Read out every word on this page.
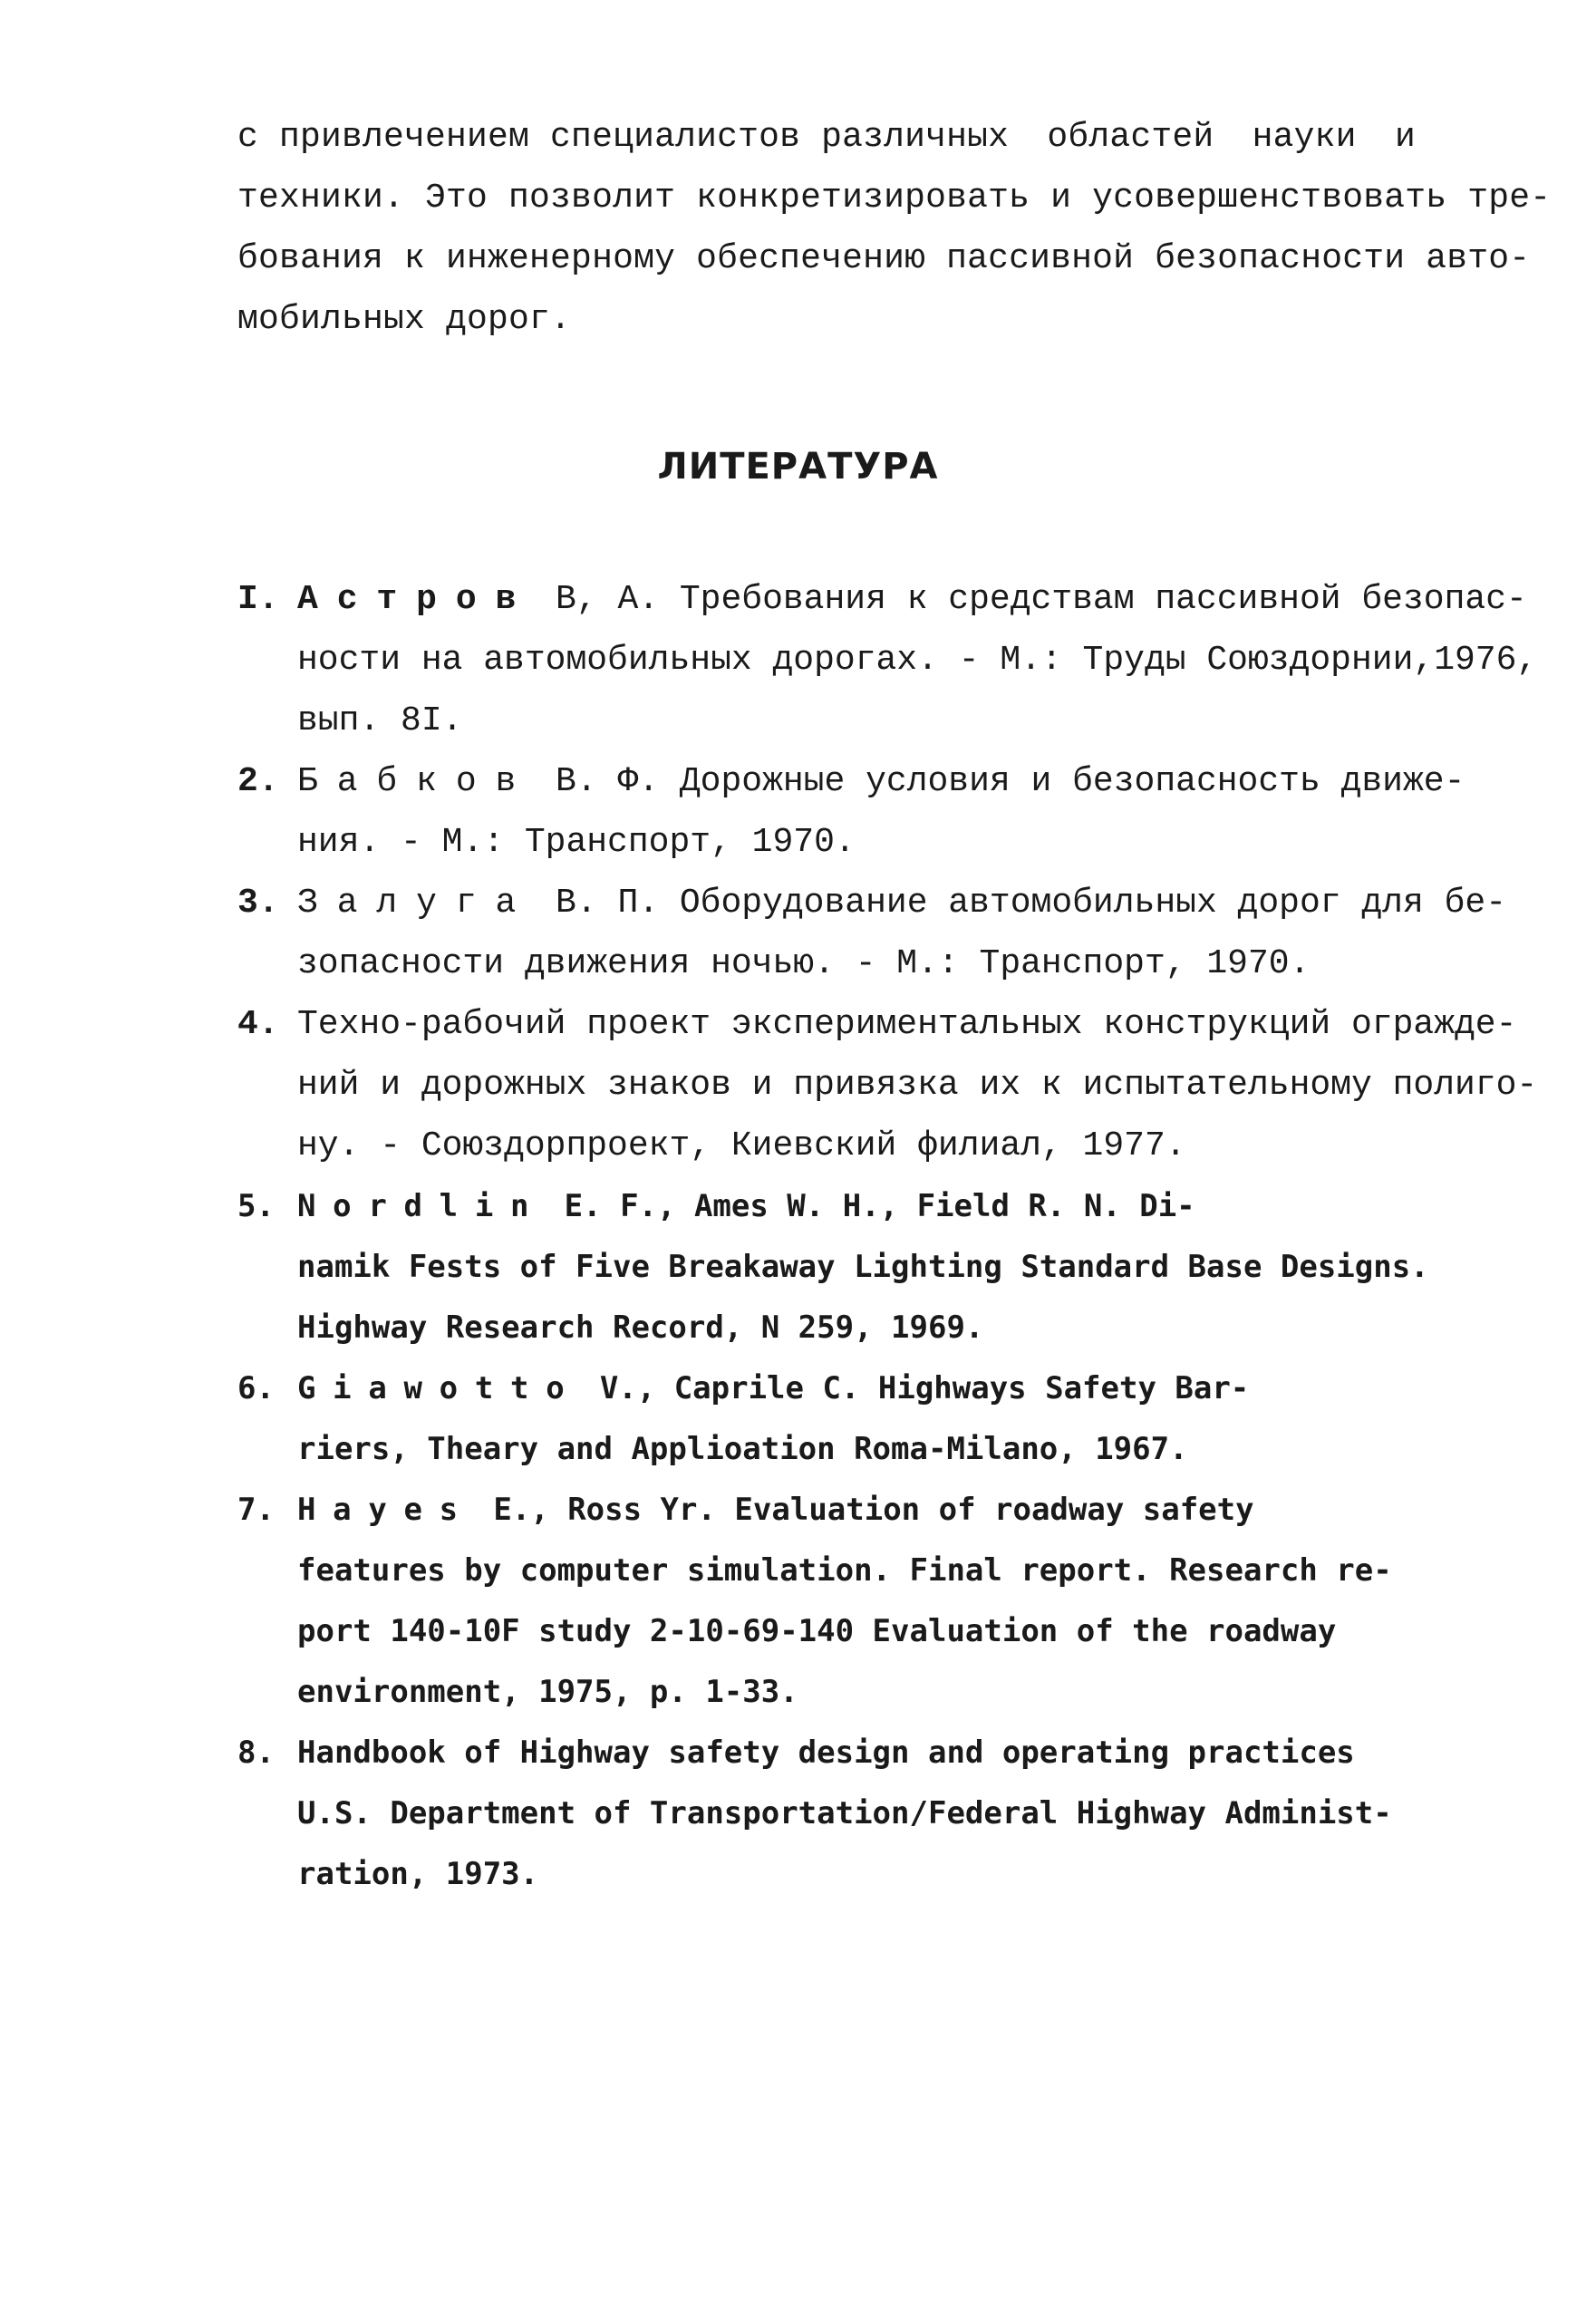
с привлечением специалистов различных областей науки и
техники. Это позволит конкретизировать и усовершенствовать тре-
бования к инженерному обеспечению пассивной безопасности авто-
мобильных дорог.
ЛИТЕРАТУРА
I. Астров В, А. Требования к средствам пассивной безопас-
ности на автомобильных дорогах. - М.: Труды Союздорнии,1976,
вып. 8I.
2. Бабков В. Ф. Дорожные условия и безопасность движе-
ния. - М.: Транспорт, 1970.
3. Залуга В. П. Оборудование автомобильных дорог для бе-
зопасности движения ночью. - М.: Транспорт, 1970.
4. Техно-рабочий проект экспериментальных конструкций огражде-
ний и дорожных знаков и привязка их к испытательному полиго-
ну. - Союздорпроект, Киевский филиал, 1977.
5. Nordlin E. F., Ames W. H., Field R. N. Di-
namik Fests of Five Breakaway Lighting Standard Base Designs.
Highway Research Record, N 259, 1969.
6. Giawotto V., Caprile C. Highways Safety Bar-
riers, Theary and Applioation Roma-Milano, 1967.
7. Hayes E., Ross Yr. Evaluation of roadway safety
features by computer simulation. Final report. Research re-
port 140-10F study 2-10-69-140 Evaluation of the roadway
environment, 1975, p. 1-33.
8. Handbook of Highway safety design and operating practices
U.S. Department of Transportation/Federal Highway Administ-
ration, 1973.
